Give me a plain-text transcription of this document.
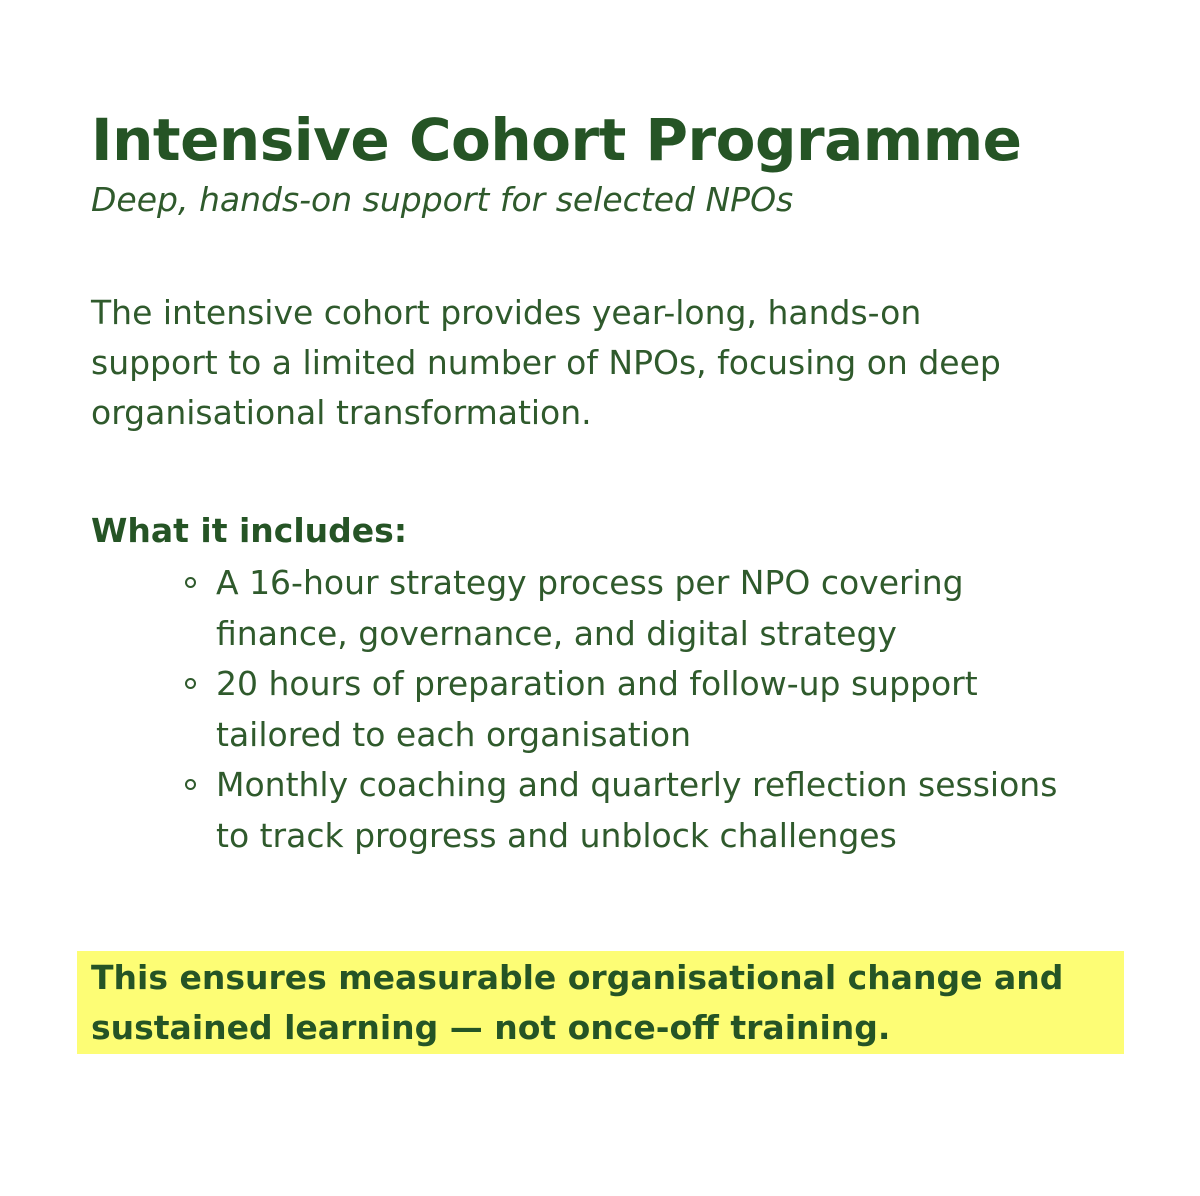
Intensive Cohort Programme

Deep, hands-on support for selected NPOs

The intensive cohort provides year-long, hands-on support to a limited number of NPOs, focusing on deep organisational transformation.

What it includes:

A 16-hour strategy process per NPO covering finance, governance, and digital strategy
20 hours of preparation and follow-up support tailored to each organisation
Monthly coaching and quarterly reflection sessions to track progress and unblock challenges

This ensures measurable organisational change and sustained learning — not once-off training.
